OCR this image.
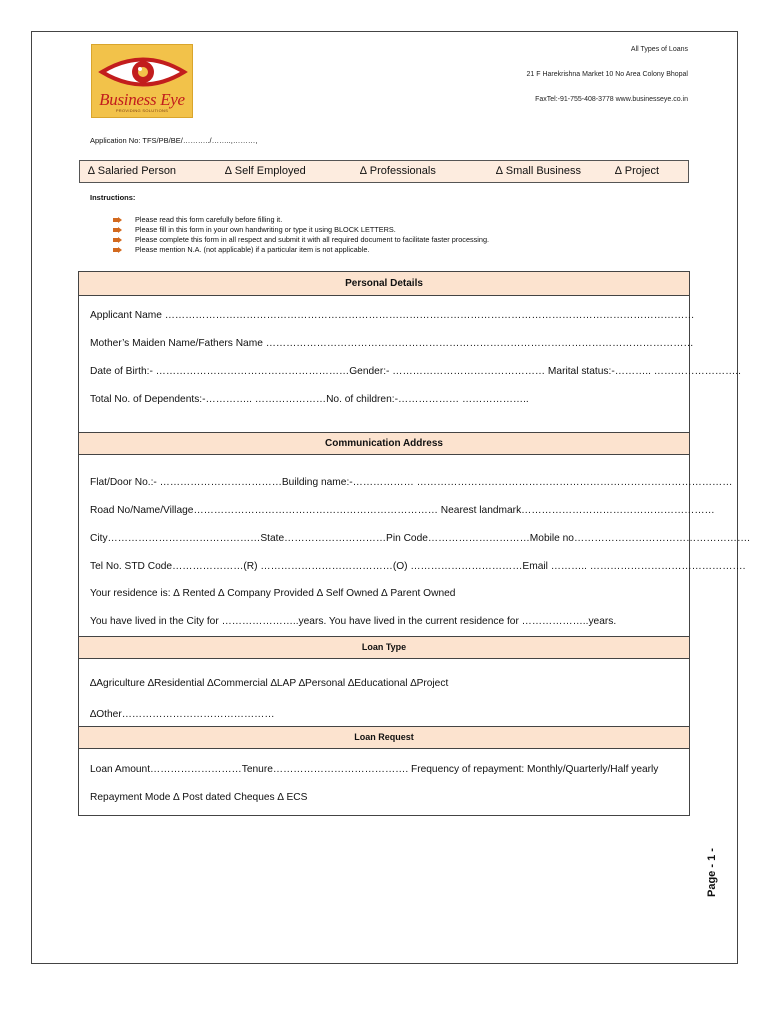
Business Eye
PROVIDING SOLUTIONS
All Types of Loans
21 F Harekrishna Market 10 No Area Colony Bhopal
FaxTel:-91-755-408-3778 www.businesseye.co.in
Application No: TFS/PB/BE/………../……..,………,
∆ Salaried Person	∆ Self Employed	∆ Professionals	∆ Small Business	∆ Project
Instructions:
Please read this form carefully before filling it.
Please fill in this form in your own handwriting or type it using BLOCK LETTERS.
Please complete this form in all respect and submit it with all required document to facilitate faster processing.
Please mention N.A. (not applicable) if a particular item is not applicable.
Personal Details
Applicant Name …………………………………………………………………………………………………………………………………………
Mother’s Maiden Name/Fathers Name ………………………………………………………………………………………………………………
Date of Birth:- …………………………………………………Gender:- ……………………………………… Marital status:-……….. ……………………..
Total No. of Dependents:-………….. …………………No. of children:-……………… ………………..
Communication Address
Flat/Door No.:- ………………………………Building name:-……………… …………………………………………………………………………………
Road No/Name/Village……………………………………………………………… Nearest landmark…………………………………………………
City………………………………………State…………………………Pin Code…………………………Mobile no…………………………………………….
Tel No. STD Code…………………(R) …………………………………(O) ……………………………Email ……….. ……………………………………….
Your residence is: ∆ Rented ∆ Company Provided ∆ Self Owned ∆ Parent Owned
You have lived in the City for …………………..years. You have lived in the current residence for ………………..years.
Loan Type
∆Agriculture ∆Residential ∆Commercial ∆LAP ∆Personal ∆Educational ∆Project
∆Other………………………………………
Loan Request
Loan Amount………………………Tenure…………………………………. Frequency of repayment: Monthly/Quarterly/Half yearly
Repayment Mode ∆ Post dated Cheques ∆ ECS
Page - 1 -
